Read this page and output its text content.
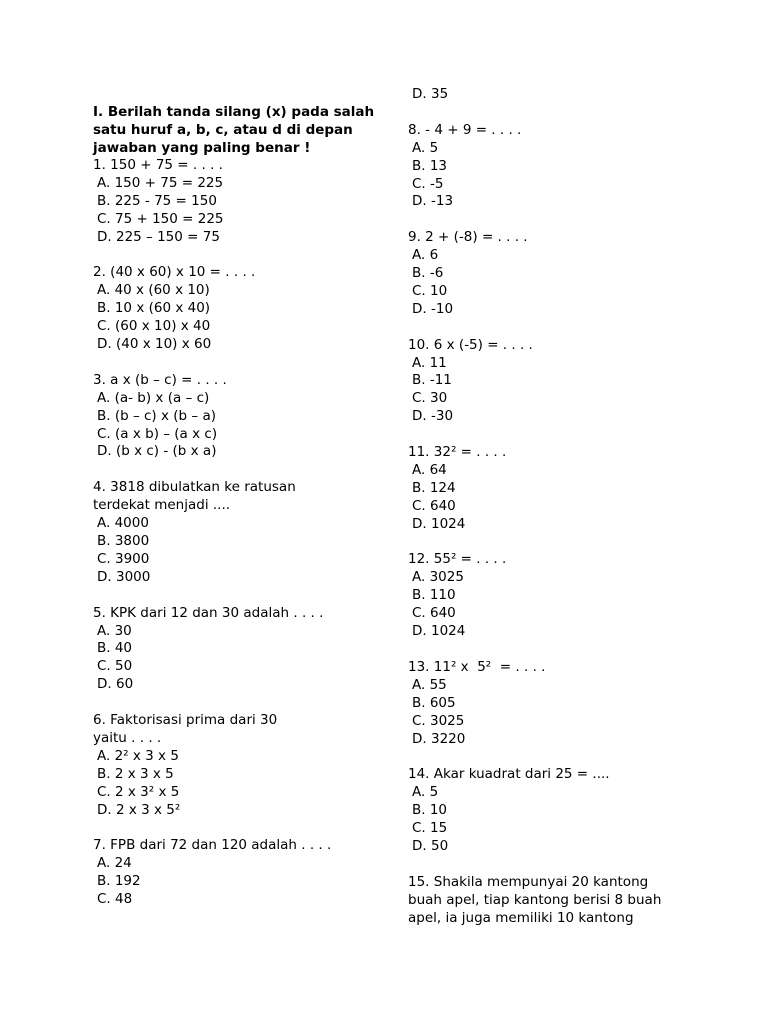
I. Berilah tanda silang (x) pada salah satu huruf a, b, c, atau d di depan jawaban yang paling benar !

1. 150 + 75 = . . . .
A. 150 + 75 = 225
B. 225 - 75 = 150
C. 75 + 150 = 225
D. 225 – 150 = 75
2. (40 x 60) x 10 = . . . .
A. 40 x (60 x 10)
B. 10 x (60 x 40)
C. (60 x 10) x 40
D. (40 x 10) x 60
3. a x (b – c) = . . . .
A. (a- b) x (a – c)
B. (b – c) x (b – a)
C. (a x b) – (a x c)
D. (b x c) - (b x a)
4. 3818 dibulatkan ke ratusan terdekat menjadi ....
A. 4000
B. 3800
C. 3900
D. 3000
5. KPK dari 12 dan 30 adalah . . . .
A. 30
B. 40
C. 50
D. 60
6. Faktorisasi prima dari 30 yaitu . . . .
A. 2² x 3 x 5
B. 2 x 3 x 5
C. 2 x 3² x 5
D. 2 x 3 x 5²
7. FPB dari 72 dan 120 adalah . . . .
A. 24
B. 192
C. 48
D. 35
8. - 4 + 9 = . . . .
A. 5
B. 13
C. -5
D. -13
9. 2 + (-8) = . . . .
A. 6
B. -6
C. 10
D. -10
10. 6 x (-5) = . . . .
A. 11
B. -11
C. 30
D. -30
11. 32² = . . . .
A. 64
B. 124
C. 640
D. 1024
12. 55² = . . . .
A. 3025
B. 110
C. 640
D. 1024
13. 11² x  5²  = . . . .
A. 55
B. 605
C. 3025
D. 3220
14. Akar kuadrat dari 25 = ....
A. 5
B. 10
C. 15
D. 50
15. Shakila mempunyai 20 kantong buah apel, tiap kantong berisi 8 buah apel, ia juga memiliki 10 kantong
